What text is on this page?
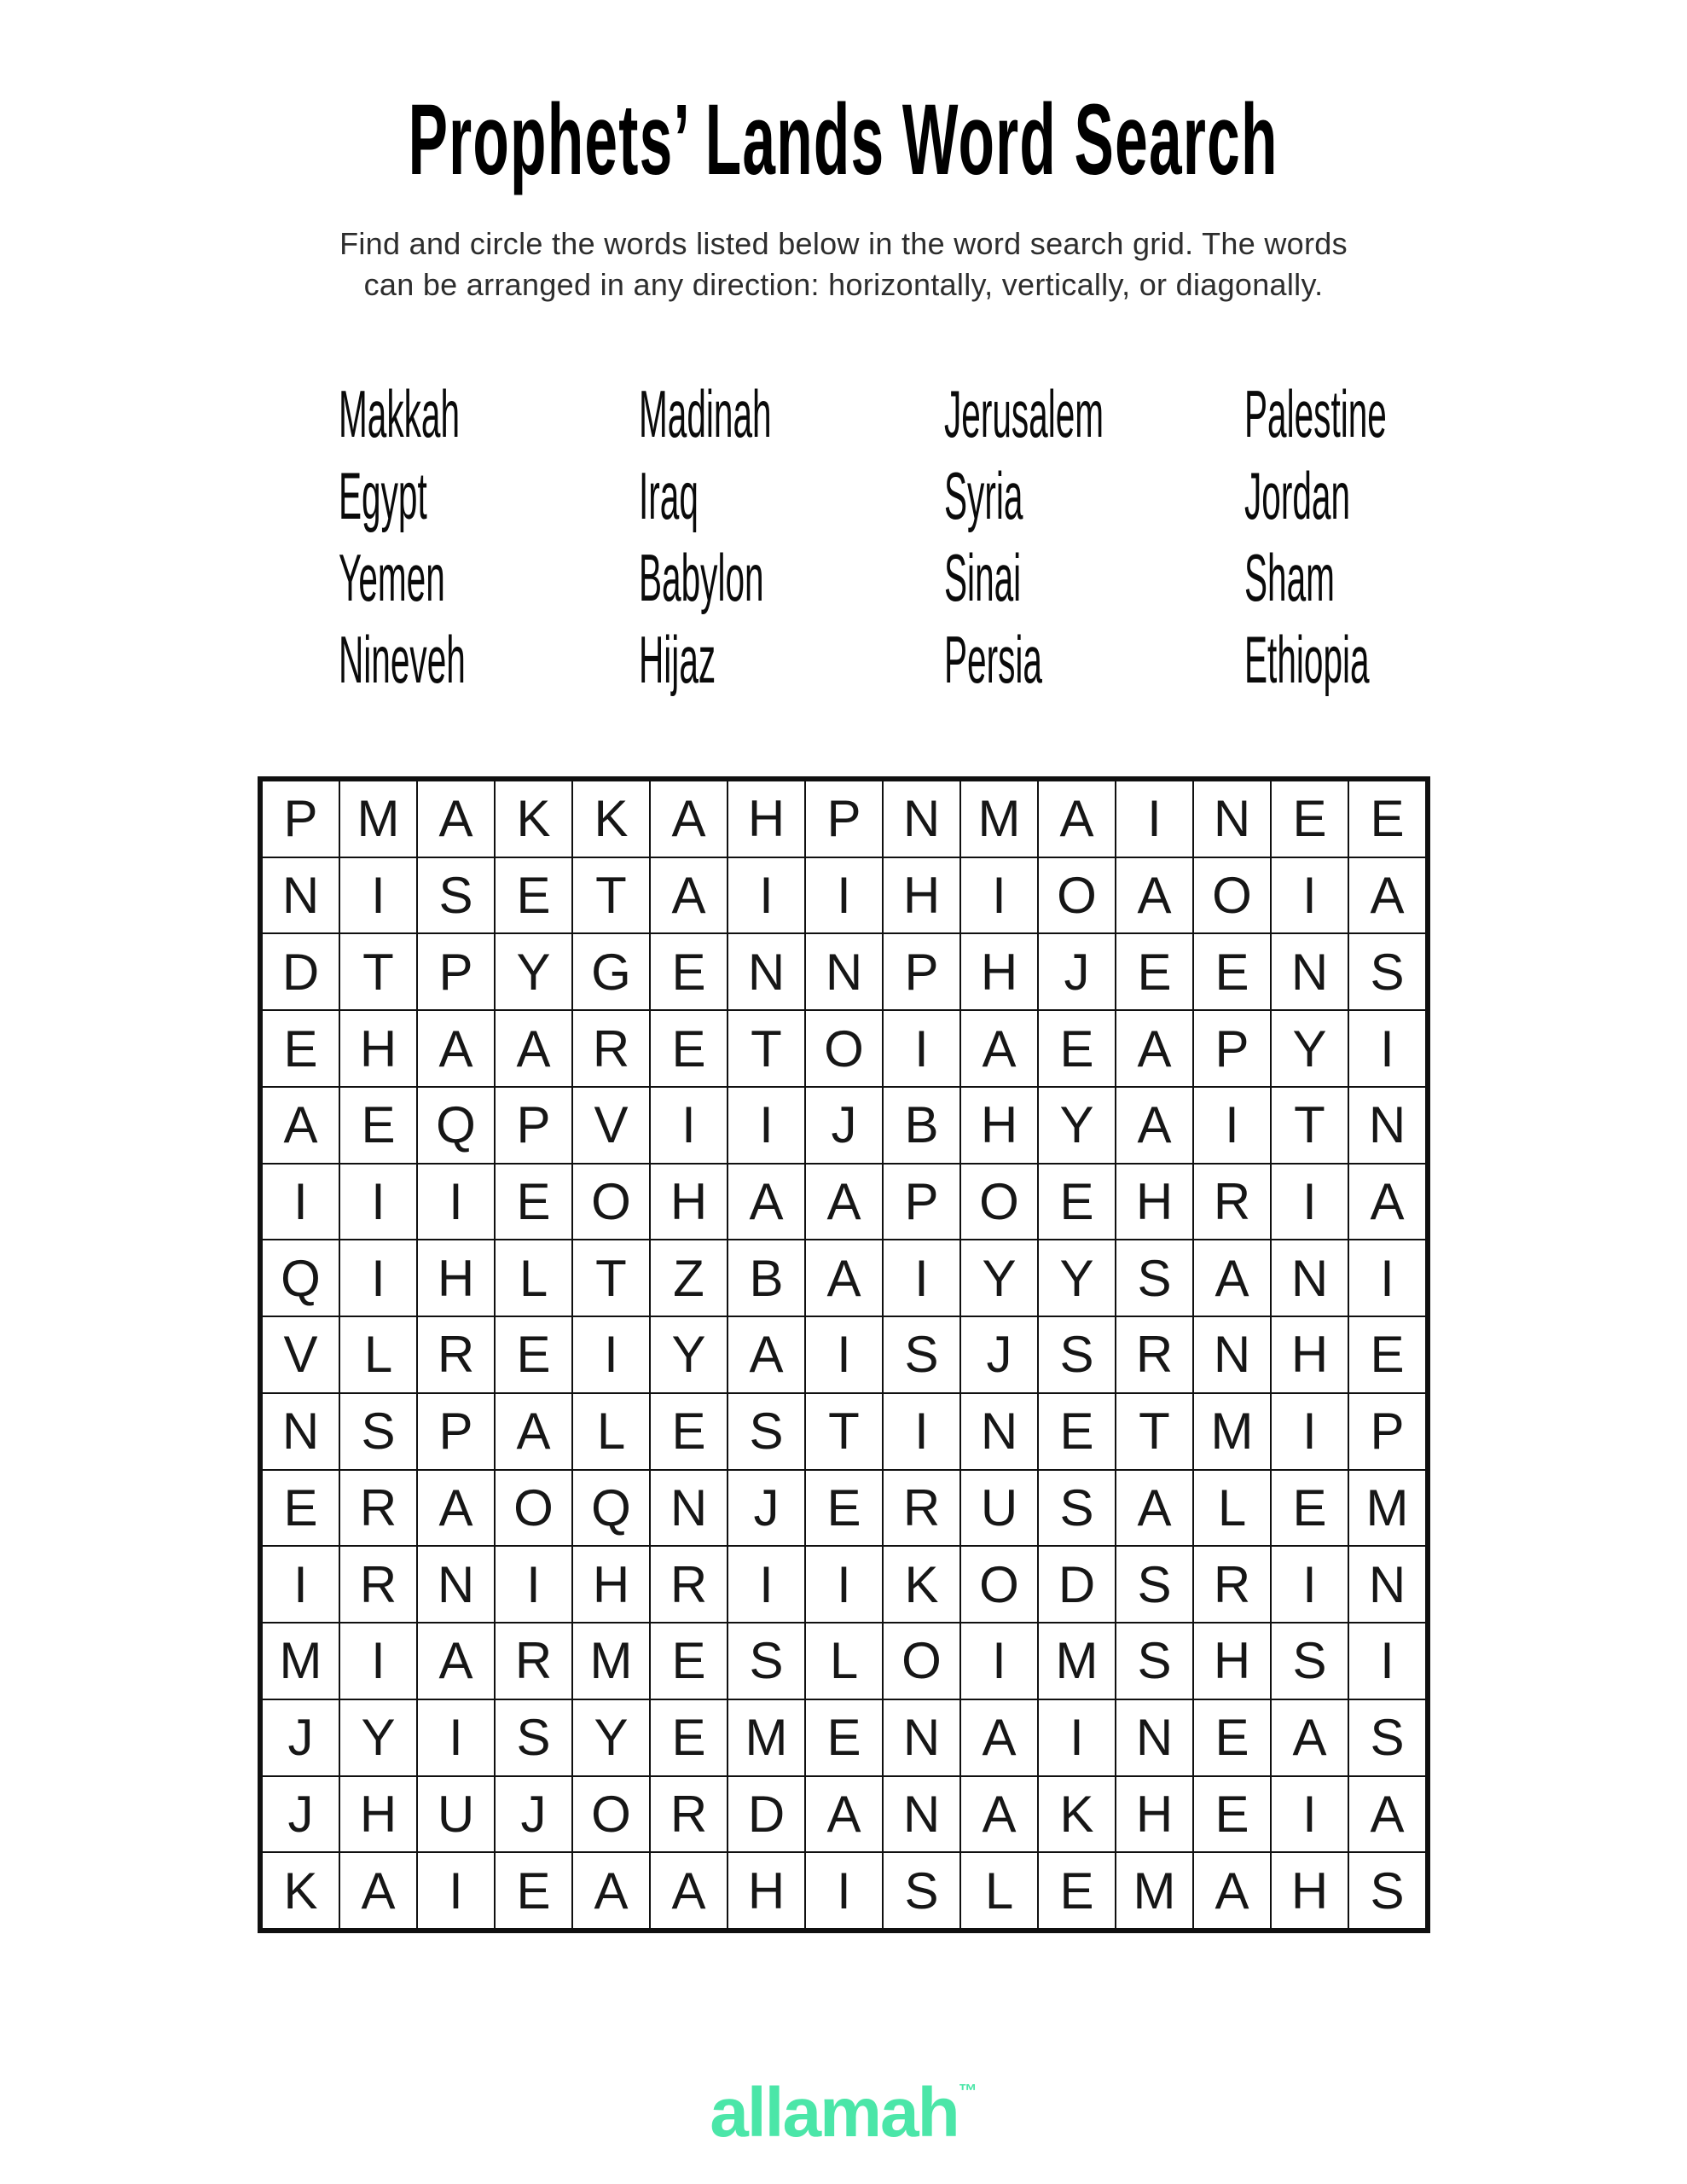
Prophets’ Lands Word Search
Find and circle the words listed below in the word search grid. The words
can be arranged in any direction: horizontally, vertically, or diagonally.
Makkah
Egypt
Yemen
Nineveh
Madinah
Iraq
Babylon
Hijaz
Jerusalem
Syria
Sinai
Persia
Palestine
Jordan
Sham
Ethiopia
P M A K K A H P N M A	I	N E E
N	I	S E T A	I	I	H	I O A O I	A
D T P Y G E N N P H J E E N S
E H A A R E T O I	A E A P Y	I
A E Q P V	I	I	J B H Y A	I	T N
I	I	I	E O H A A P O E H R	I	A
Q I	H L T Z B A	I	Y Y S A N	I
V L R E	I	Y A	I	S J S R N H E
N S P A L E S T	I	N E T M I	P
E R A O Q N J E R U S A L E M
I	R N	I	H R	I	I	K O D S R	I	N
M I	A R M E S L O I M S H S	I
J Y	I	S Y E M E N A	I	N E A S
J H U J O R D A N A K H E	I	A
K A	I	E A A H	I	S L E M A H S
allamah™
